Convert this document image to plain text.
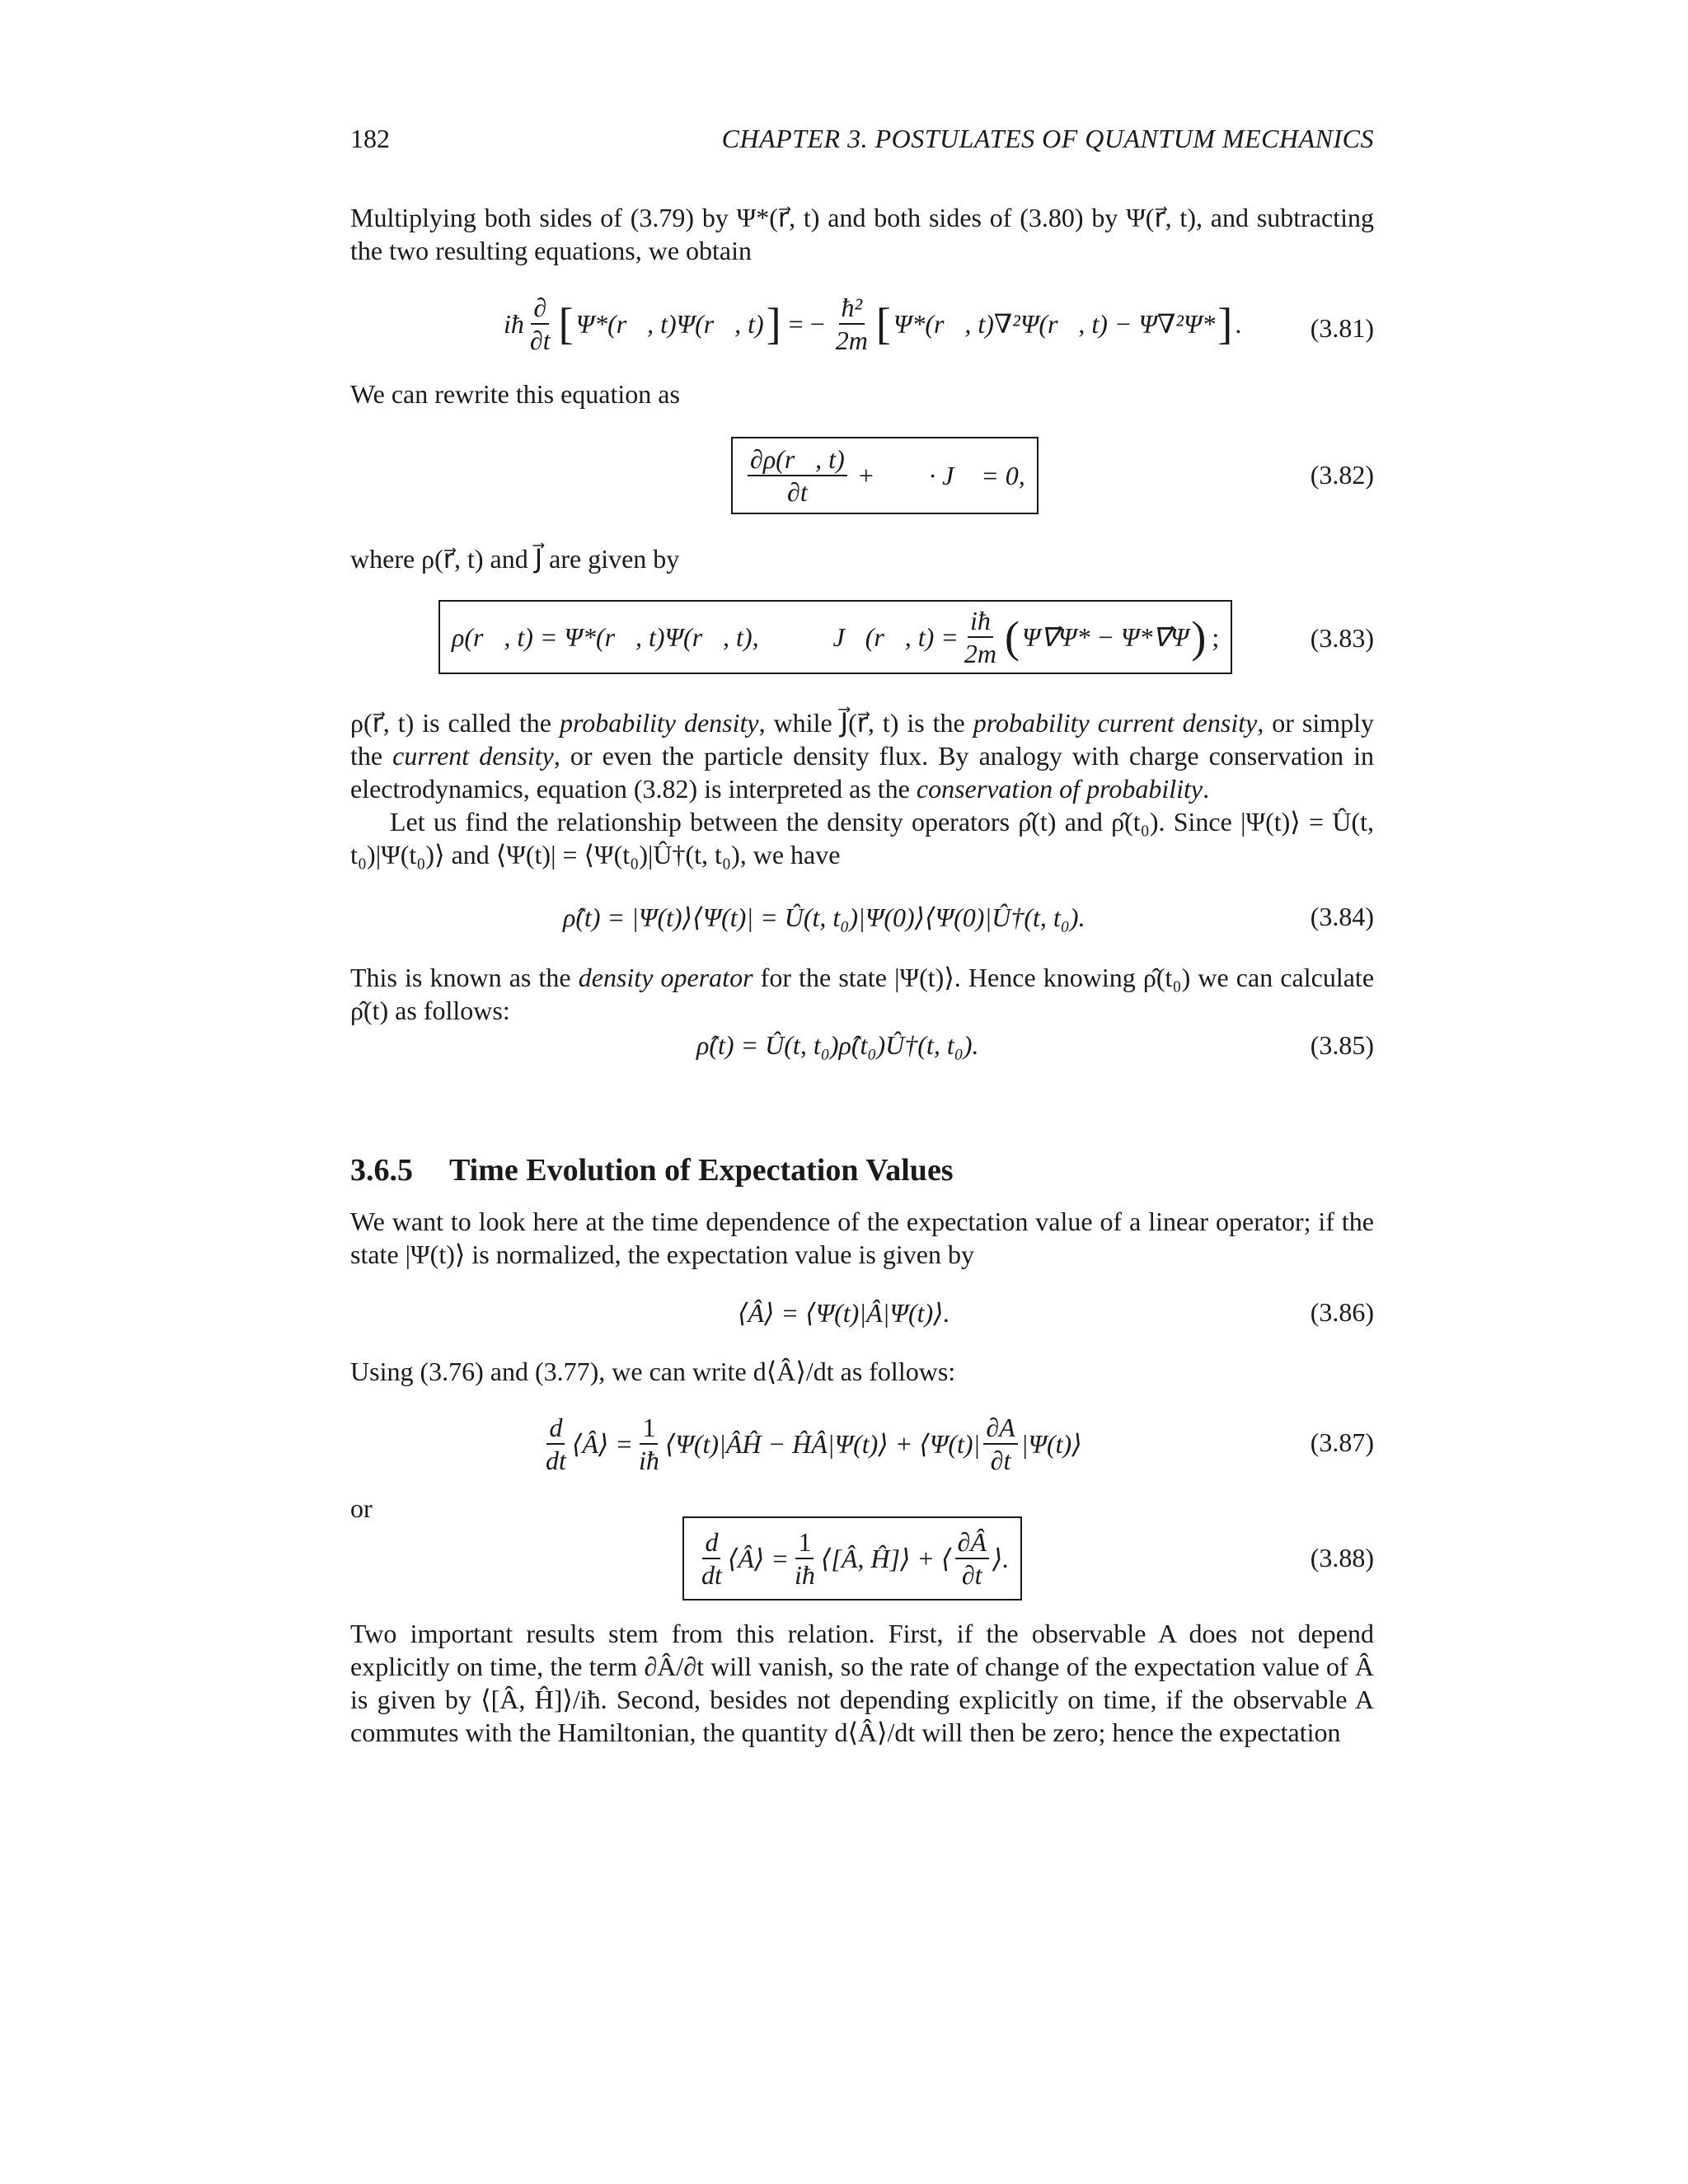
182	CHAPTER 3. POSTULATES OF QUANTUM MECHANICS

Multiplying both sides of (3.79) by Ψ*(r⃗, t) and both sides of (3.80) by Ψ(r⃗, t), and subtracting the two resulting equations, we obtain

iħ $\frac{\partial}{\partial t}$ [ Ψ*(r⃗, t)Ψ(r⃗, t) ] = − $\frac{\text{ħ²}}{2m}$ [ Ψ*(r⃗, t)∇²Ψ(r⃗, t) − Ψ∇²Ψ* ] .	(3.81)

We can rewrite this equation as

$\frac{\partial\rho(r⃗, t)}{\partial t}$ + ∇⃗ · J⃗ = 0,	(3.82)

where ρ(r⃗, t) and J⃗ are given by

ρ(r⃗, t) = Ψ*(r⃗, t)Ψ(r⃗, t),	J⃗(r⃗, $t) = \frac{iħ}{2m}$ ( Ψ∇⃗Ψ* − Ψ*∇⃗Ψ ) ;	(3.83)

ρ(r⃗, t) is called the probability density, while J⃗(r⃗, t) is the probability current density, or simply the current density, or even the particle density flux. By analogy with charge conservation in electrodynamics, equation (3.82) is interpreted as the conservation of probability.

Let us find the relationship between the density operators ρ̂(t) and ρ̂(t₀). Since |Ψ(t)⟩ = Û(t, t₀)|Ψ(t₀)⟩ and ⟨Ψ(t)| = ⟨Ψ(t₀)|Û†(t, t₀), we have

ρ̂(t) = |Ψ(t)⟩⟨Ψ(t)| = Û(t, t₀)|Ψ(0)⟩⟨Ψ(0)|Û†(t, t₀).	(3.84)

This is known as the density operator for the state |Ψ(t)⟩. Hence knowing ρ̂(t₀) we can calculate ρ̂(t) as follows:

ρ̂(t) = Û(t, t₀)ρ̂(t₀)Û†(t, t₀).	(3.85)
3.6.5 Time Evolution of Expectation Values

We want to look here at the time dependence of the expectation value of a linear operator; if the state |Ψ(t)⟩ is normalized, the expectation value is given by

⟨Â⟩ = ⟨Ψ(t)|Â|Ψ(t)⟩.	(3.86)

Using (3.76) and (3.77), we can write d⟨Â⟩/dt as follows:

$\frac{d}{dt}$ ⟨Â⟩ = $\frac{1}{iħ}$ ⟨Ψ(t)|ÂĤ − ĤÂ|Ψ(t)⟩ + ⟨Ψ(t)| $\frac{\partial A}{\partial t}$ |Ψ(t)⟩	(3.87)

or

$\frac{d}{dt}$ ⟨Â⟩ = $\frac{1}{iħ}$ ⟨[Â, Ĥ]⟩ + ⟨ $\frac{\partial Â}{\partial t}$ ⟩.	(3.88)

Two important results stem from this relation. First, if the observable A does not depend explicitly on time, the term ∂Â/∂t will vanish, so the rate of change of the expectation value of Â is given by ⟨[Â, Ĥ]⟩/iħ. Second, besides not depending explicitly on time, if the observable A commutes with the Hamiltonian, the quantity d⟨Â⟩/dt will then be zero; hence the expectation
